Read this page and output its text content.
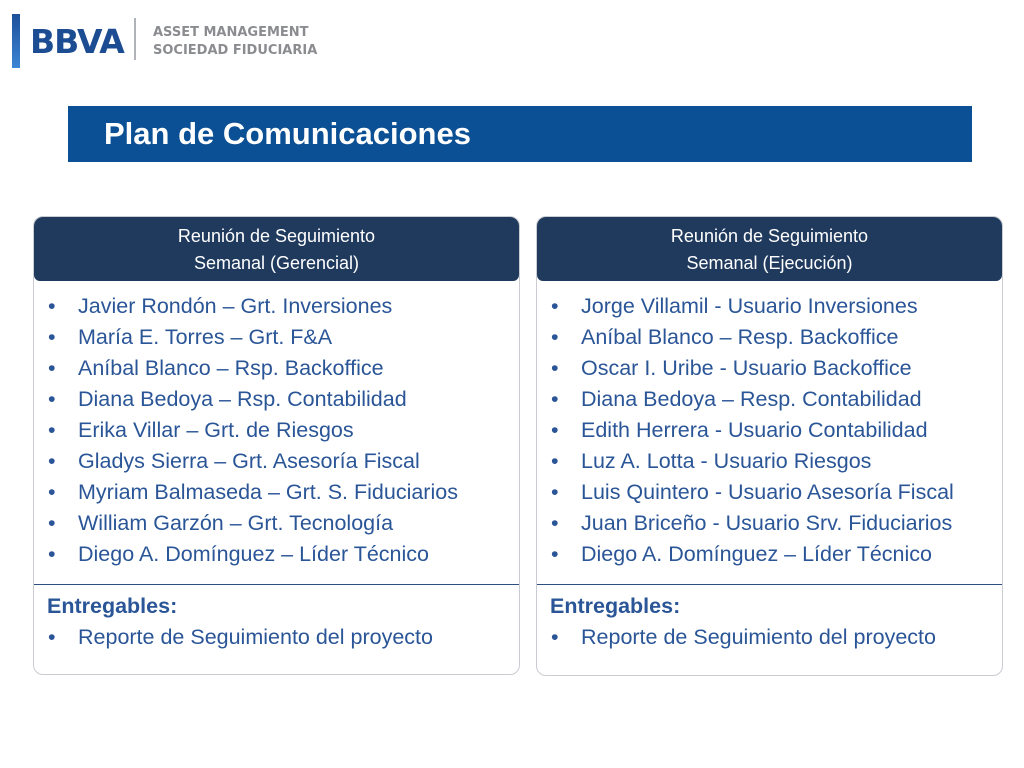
BBVA ASSET MANAGEMENT
SOCIEDAD FIDUCIARIA
Plan de Comunicaciones
Reunión de Seguimiento
Semanal (Gerencial)
• Javier Rondón – Grt. Inversiones
• María E. Torres – Grt. F&A
• Aníbal Blanco – Rsp. Backoffice
• Diana Bedoya – Rsp. Contabilidad
• Erika Villar – Grt. de Riesgos
• Gladys Sierra – Grt. Asesoría Fiscal
• Myriam Balmaseda – Grt. S. Fiduciarios
• William Garzón – Grt. Tecnología
• Diego A. Domínguez – Líder Técnico
Entregables:
• Reporte de Seguimiento del proyecto
Reunión de Seguimiento
Semanal (Ejecución)
• Jorge Villamil - Usuario Inversiones
• Aníbal Blanco – Resp. Backoffice
• Oscar I. Uribe - Usuario Backoffice
• Diana Bedoya – Resp. Contabilidad
• Edith Herrera - Usuario Contabilidad
• Luz A. Lotta - Usuario Riesgos
• Luis Quintero - Usuario Asesoría Fiscal
• Juan Briceño - Usuario Srv. Fiduciarios
• Diego A. Domínguez – Líder Técnico
Entregables:
• Reporte de Seguimiento del proyecto
